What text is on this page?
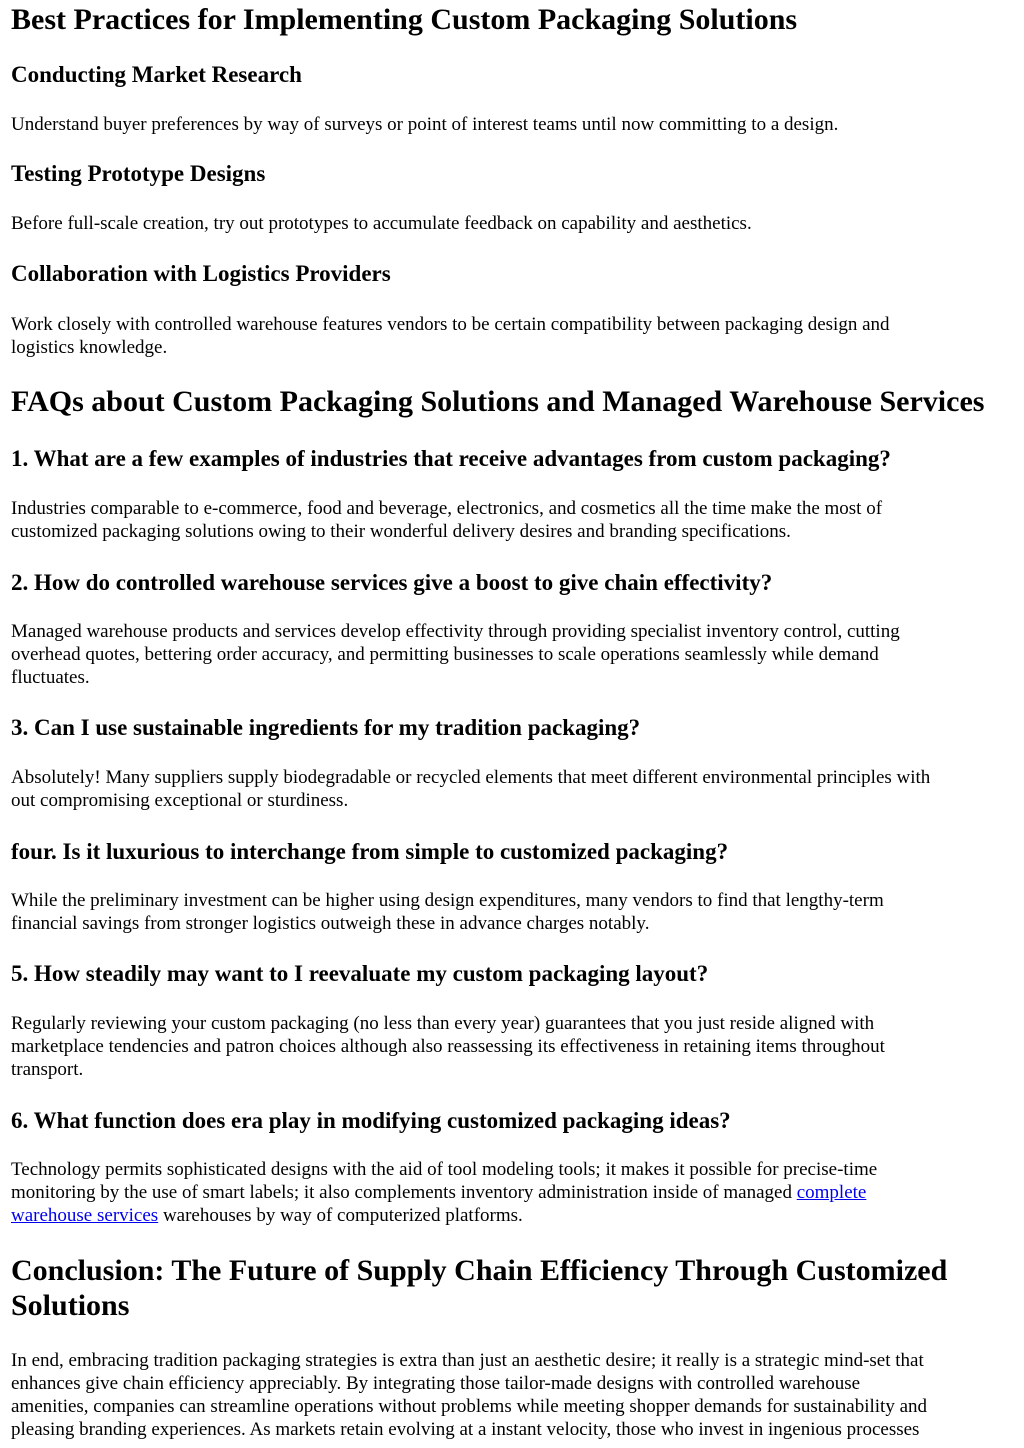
Best Practices for Implementing Custom Packaging Solutions
Conducting Market Research

Understand buyer preferences by way of surveys or point of interest teams until now committing to a design.

Testing Prototype Designs

Before full-scale creation, try out prototypes to accumulate feedback on capability and aesthetics.

Collaboration with Logistics Providers

Work closely with controlled warehouse features vendors to be certain compatibility between packaging design and

logistics knowledge.

FAQs about Custom Packaging Solutions and Managed Warehouse Services
1. What are a few examples of industries that receive advantages from custom packaging?

Industries comparable to e-commerce, food and beverage, electronics, and cosmetics all the time make the most of

customized packaging solutions owing to their wonderful delivery desires and branding specifications.

2. How do controlled warehouse services give a boost to give chain effectivity?

Managed warehouse products and services develop effectivity through providing specialist inventory control, cutting

overhead quotes, bettering order accuracy, and permitting businesses to scale operations seamlessly while demand

fluctuates.

3. Can I use sustainable ingredients for my tradition packaging?

Absolutely! Many suppliers supply biodegradable or recycled elements that meet different environmental principles with

out compromising exceptional or sturdiness.

four. Is it luxurious to interchange from simple to customized packaging?

While the preliminary investment can be higher using design expenditures, many vendors to find that lengthy-term

financial savings from stronger logistics outweigh these in advance charges notably.

5. How steadily may want to I reevaluate my custom packaging layout?

Regularly reviewing your custom packaging (no less than every year) guarantees that you just reside aligned with

marketplace tendencies and patron choices although also reassessing its effectiveness in retaining items throughout

transport.

6. What function does era play in modifying customized packaging ideas?

Technology permits sophisticated designs with the aid of tool modeling tools; it makes it possible for precise-time

monitoring by the use of smart labels; it also complements inventory administration inside of managed complete

warehouse services warehouses by way of computerized platforms.

Conclusion: The Future of Supply Chain Efficiency Through Customized Solutions

In end, embracing tradition packaging strategies is extra than just an aesthetic desire; it really is a strategic mind-set that

enhances give chain efficiency appreciably. By integrating those tailor-made designs with controlled warehouse

amenities, companies can streamline operations without problems while meeting shopper demands for sustainability and

pleasing branding experiences. As markets retain evolving at a instant velocity, those who invest in ingenious processes
